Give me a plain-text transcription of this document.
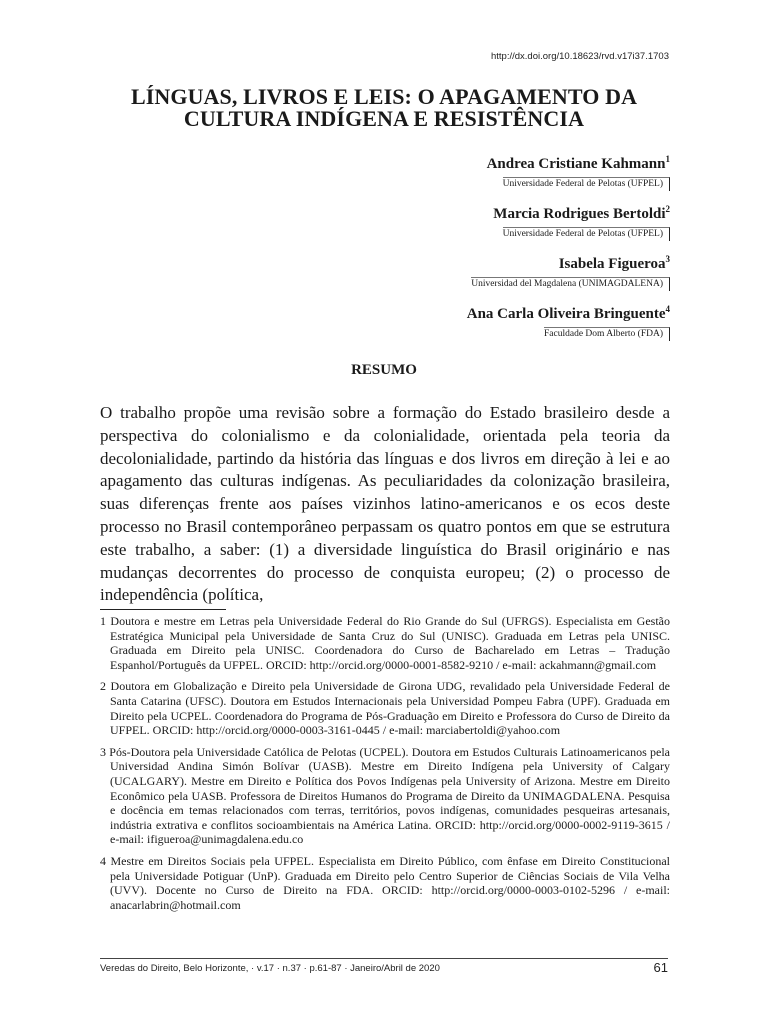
http://dx.doi.org/10.18623/rvd.v17i37.1703
LÍNGUAS, LIVROS E LEIS: O APAGAMENTO DA
CULTURA INDÍGENA E RESISTÊNCIA
Andrea Cristiane Kahmann$^1$
Universidade Federal de Pelotas (UFPEL)
Marcia Rodrigues Bertoldi$^2$
Universidade Federal de Pelotas (UFPEL)
Isabela Figueroa$^3$
Universidad del Magdalena (UNIMAGDALENA)
Ana Carla Oliveira Bringuente$^4$
Faculdade Dom Alberto (FDA)
RESUMO

O trabalho propõe uma revisão sobre a formação do Estado brasileiro desde a perspectiva do colonialismo e da colonialidade, orientada pela teoria da decolonialidade, partindo da história das línguas e dos livros em direção à lei e ao apagamento das culturas indígenas. As peculiaridades da colonização brasileira, suas diferenças frente aos países vizinhos latino-americanos e os ecos deste processo no Brasil contemporâneo perpassam os quatro pontos em que se estrutura este trabalho, a saber: (1) a diversidade linguística do Brasil originário e nas mudanças decorrentes do processo de conquista europeu; (2) o processo de independência (política,

1 Doutora e mestre em Letras pela Universidade Federal do Rio Grande do Sul (UFRGS). Especialista em Gestão Estratégica Municipal pela Universidade de Santa Cruz do Sul (UNISC). Graduada em Letras pela UNISC. Graduada em Direito pela UNISC. Coordenadora do Curso de Bacharelado em Letras – Tradução Espanhol/Português da UFPEL. ORCID: http://orcid.org/0000-0001-8582-9210 / e-mail: ackahmann@gmail.com

2 Doutora em Globalização e Direito pela Universidade de Girona UDG, revalidado pela Universidade Federal de Santa Catarina (UFSC). Doutora em Estudos Internacionais pela Universidad Pompeu Fabra (UPF). Graduada em Direito pela UCPEL. Coordenadora do Programa de Pós-Graduação em Direito e Professora do Curso de Direito da UFPEL. ORCID: http://orcid.org/0000-0003-3161-0445 / e-mail: marciabertoldi@yahoo.com

3 Pós-Doutora pela Universidade Católica de Pelotas (UCPEL). Doutora em Estudos Culturais Latinoamericanos pela Universidad Andina Simón Bolívar (UASB). Mestre em Direito Indígena pela University of Calgary (UCALGARY). Mestre em Direito e Política dos Povos Indígenas pela University of Arizona. Mestre em Direito Econômico pela UASB. Professora de Direitos Humanos do Programa de Direito da UNIMAGDALENA. Pesquisa e docência em temas relacionados com terras, territórios, povos indígenas, comunidades pesqueiras artesanais, indústria extrativa e conflitos socioambientais na América Latina. ORCID: http://orcid.org/0000-0002-9119-3615 / e-mail: ifigueroa@unimagdalena.edu.co

4 Mestre em Direitos Sociais pela UFPEL. Especialista em Direito Público, com ênfase em Direito Constitucional pela Universidade Potiguar (UnP). Graduada em Direito pelo Centro Superior de Ciências Sociais de Vila Velha (UVV). Docente no Curso de Direito na FDA. ORCID: http://orcid.org/0000-0003-0102-5296 / e-mail: anacarlabrin@hotmail.com

Veredas do Direito, Belo Horizonte, · v.17 · n.37 · p.61-87 · Janeiro/Abril de 2020	61
